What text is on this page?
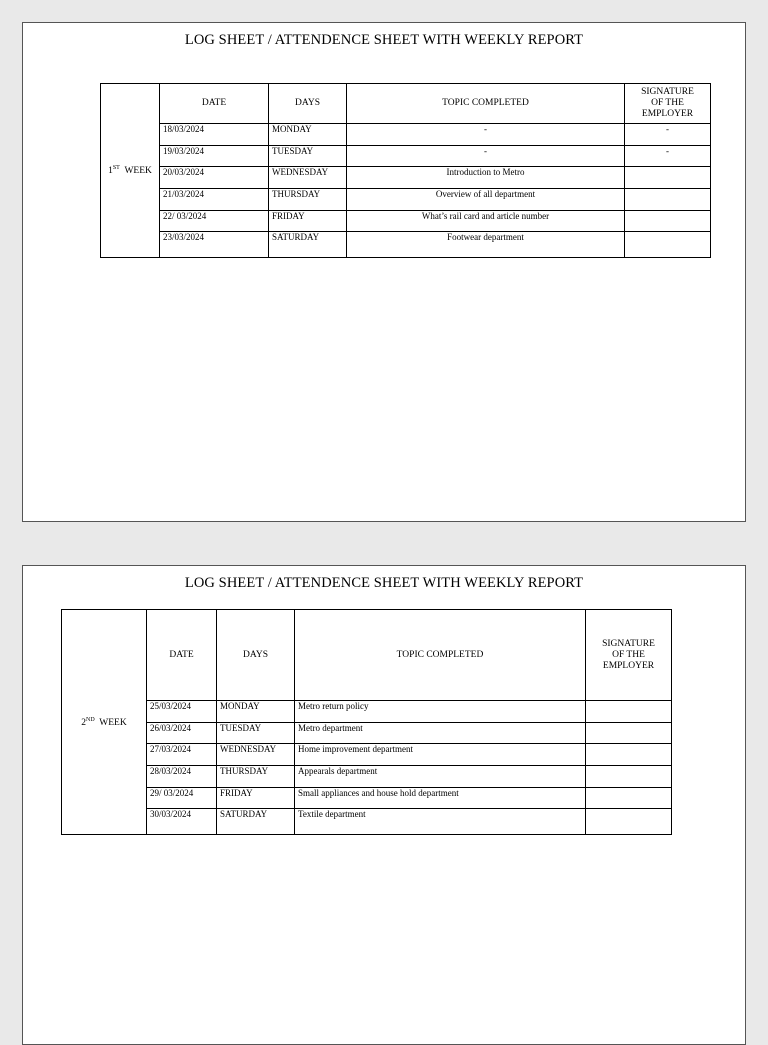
LOG SHEET / ATTENDENCE SHEET WITH WEEKLY REPORT
1ST WEEK	DATE	DAYS	TOPIC COMPLETED	SIGNATURE OF THE EMPLOYER
	18/03/2024	MONDAY	-	-
	19/03/2024	TUESDAY	-	-
	20/03/2024	WEDNESDAY	Introduction to Metro	
	21/03/2024	THURSDAY	Overview of all department	
	22/ 03/2024	FRIDAY	What’s rail card and article number	
	23/03/2024	SATURDAY	Footwear department	
LOG SHEET / ATTENDENCE SHEET WITH WEEKLY REPORT
2ND WEEK	DATE	DAYS	TOPIC COMPLETED	SIGNATURE OF THE EMPLOYER
	25/03/2024	MONDAY	Metro return policy	
	26/03/2024	TUESDAY	Metro department	
	27/03/2024	WEDNESDAY	Home improvement department	
	28/03/2024	THURSDAY	Appearals department	
	29/ 03/2024	FRIDAY	Small appliances and house hold department	
	30/03/2024	SATURDAY	Textile department	
